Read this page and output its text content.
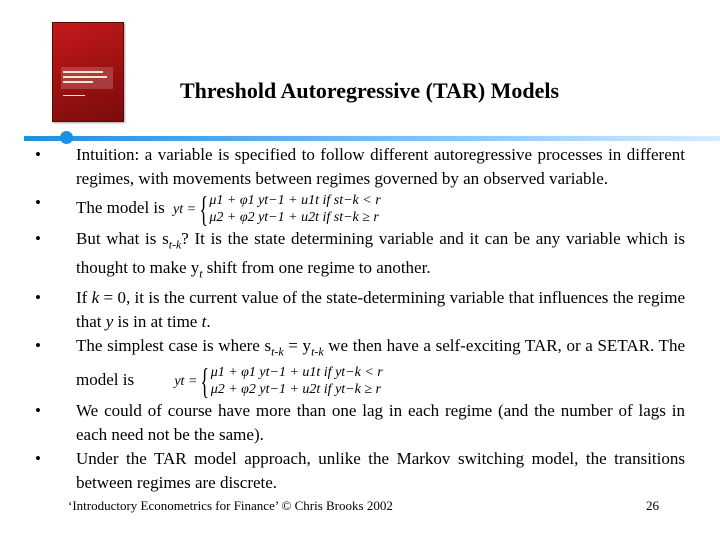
Threshold Autoregressive (TAR) Models

•	Intuition: a variable is specified to follow different autoregressive processes in different regimes, with movements between regimes governed by an observed variable.

•	The model is yt ={μ1 + φ1 yt−1 + u1t if st−k < r
μ2 + φ2 yt−1 + u2t if st−k ≥ r

•	But what is $s_{t-k}$? It is the state determining variable and it can be any variable which is thought to make $y_t$ shift from one regime to another.

•	If k = 0, it is the current value of the state-determining variable that influences the regime that y is in at time t.

•	The simplest case is where $s_{t-k} = y_{t-k}$ we then have a self-exciting TAR, or a SETAR. The model is	yt ={μ1 + φ1 yt−1 + u1t if yt−k < r
μ2 + φ2 yt−1 + u2t if yt−k ≥ r

•	We could of course have more than one lag in each regime (and the number of lags in each need not be the same).

•	Under the TAR model approach, unlike the Markov switching model, the transitions between regimes are discrete.

‘Introductory Econometrics for Finance’ © Chris Brooks 2002	26
